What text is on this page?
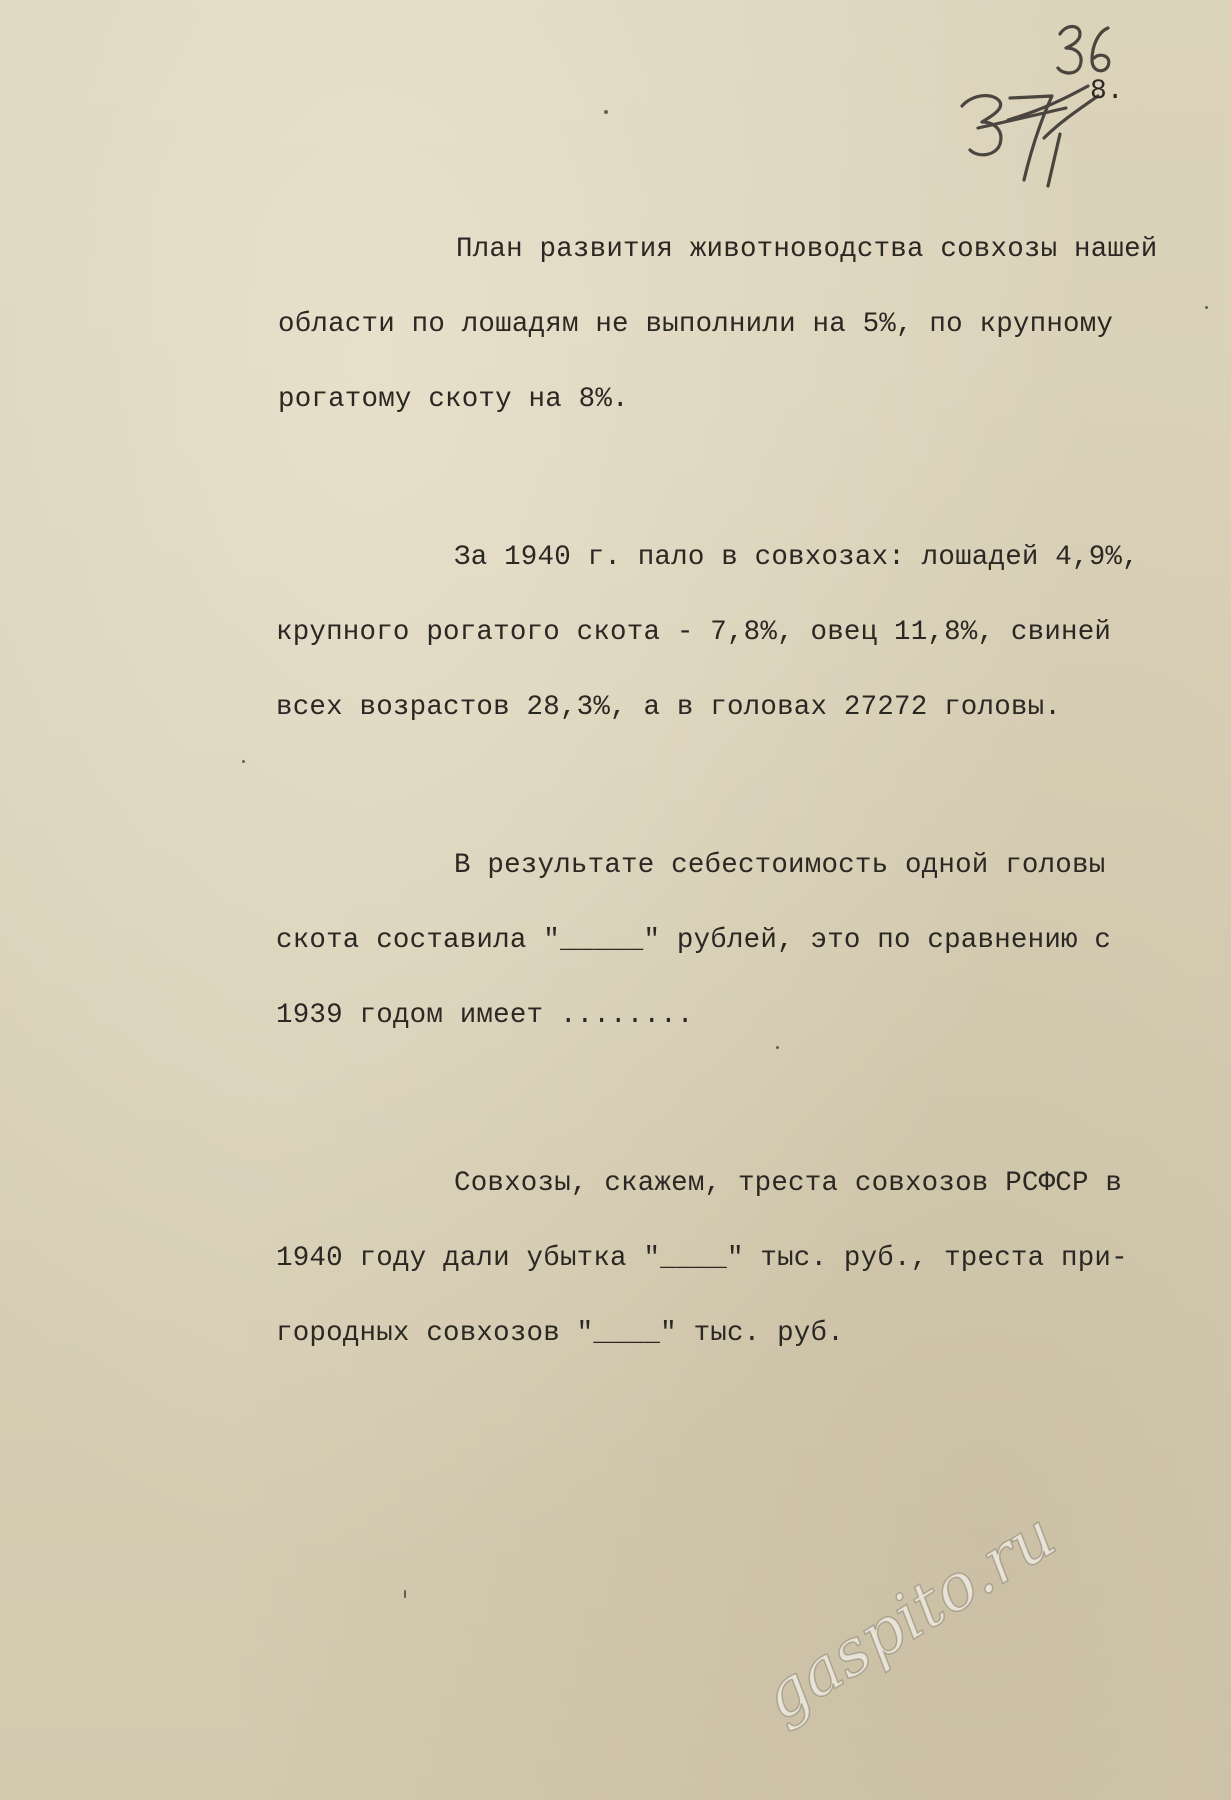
8.
План развития животноводства совхозы нашей
области по лошадям не выполнили на 5%, по крупному
рогатому скоту на 8%.
За 1940 г. пало в совхозах: лошадей 4,9%,
крупного рогатого скота - 7,8%, овец 11,8%, свиней
всех возрастов 28,3%, а в головах 27272 головы.
В результате себестоимость одной головы
скота составила "_____" рублей, это по сравнению с
1939 годом имеет ........
Совхозы, скажем, треста совхозов РСФСР в
1940 году дали убытка "____" тыс. руб., треста при-
городных совхозов "____" тыс. руб.
gaspito.ru
